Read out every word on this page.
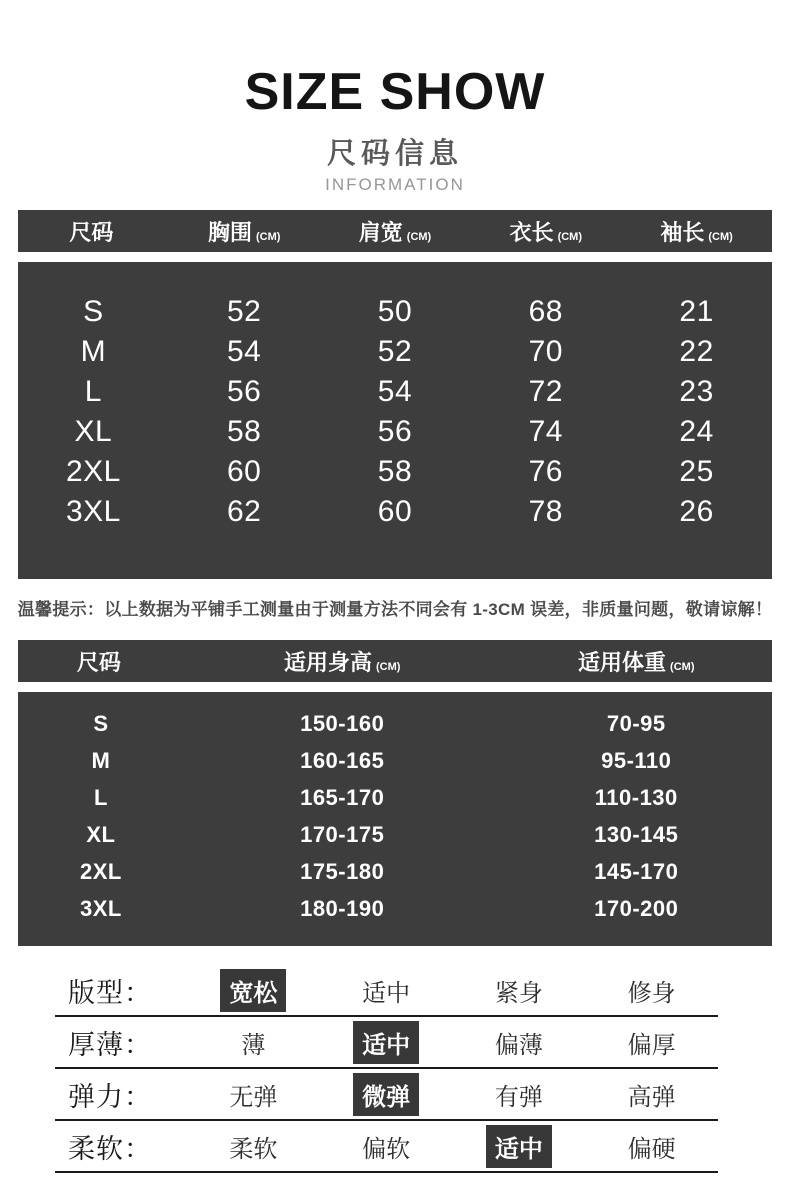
SIZE SHOW
尺码信息
INFORMATION
尺码	胸围 (CM)	肩宽 (CM)	衣长 (CM)	袖长 (CM)
S	52	50	68	21
M	54	52	70	22
L	56	54	72	23
XL	58	56	74	24
2XL	60	58	76	25
3XL	62	60	78	26
温馨提示：以上数据为平铺手工测量由于测量方法不同会有 1-3CM 误差，非质量问题，敬请谅解！
尺码	适用身高 (CM)	适用体重 (CM)
S	150-160	70-95
M	160-165	95-110
L	165-170	110-130
XL	170-175	130-145
2XL	175-180	145-170
3XL	180-190	170-200
版型：	宽松	适中	紧身	修身
厚薄：	薄	适中	偏薄	偏厚
弹力：	无弹	微弹	有弹	高弹
柔软：	柔软	偏软	适中	偏硬
